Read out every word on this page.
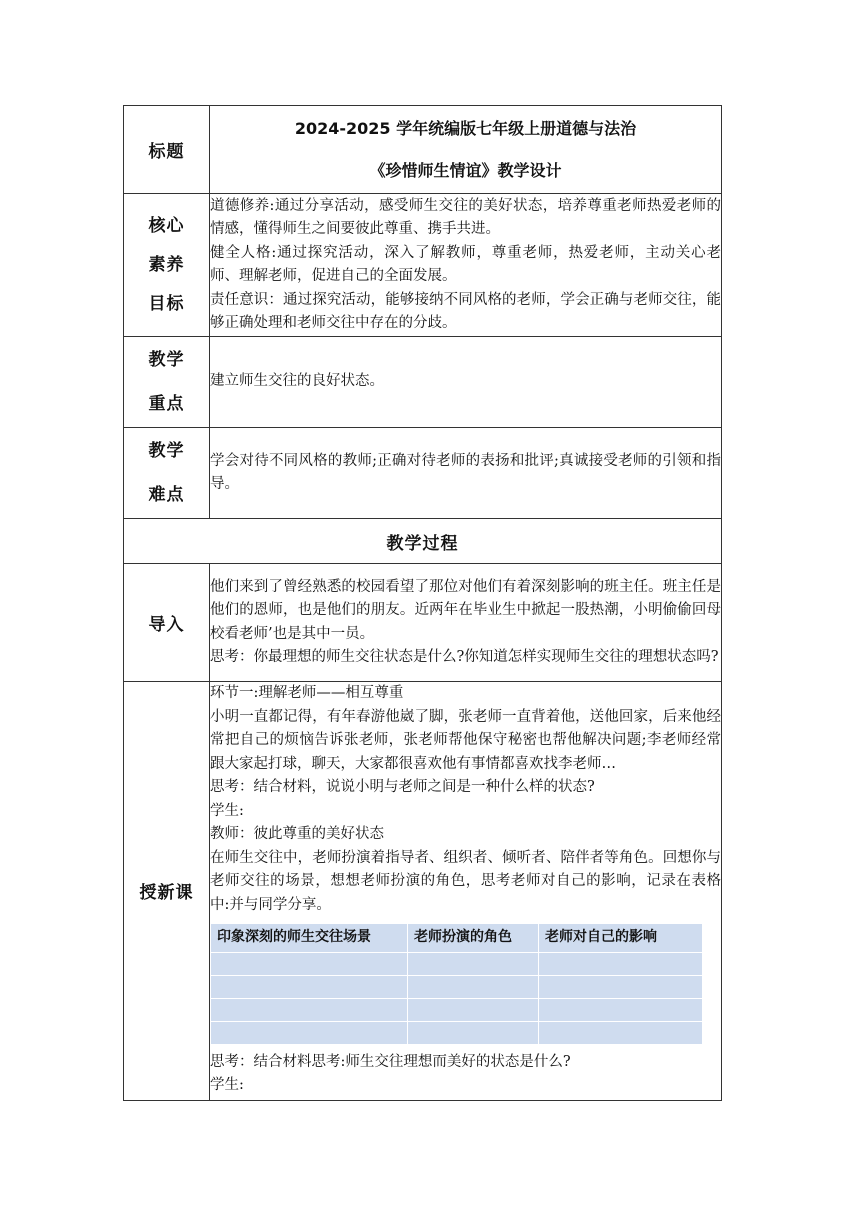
标题	
2024-2025 学年统编版七年级上册道德与法治
《珍惜师生情谊》教学设计

核心
素养
目标

道德修养:通过分享活动，感受师生交往的美好状态，培养尊重老师热爱老师的情感，懂得师生之间要彼此尊重、携手共进。

健全人格:通过探究活动，深入了解教师，尊重老师，热爱老师，主动关心老师、理解老师，促进自己的全面发展。

责任意识：通过探究活动，能够接纳不同风格的老师，学会正确与老师交往，能够正确处理和老师交往中存在的分歧。

教学
重点
	建立师生交往的良好状态。

教学
难点
	学会对待不同风格的教师;正确对待老师的表扬和批评;真诚接受老师的引领和指导。
教学过程
导入	

他们来到了曾经熟悉的校园看望了那位对他们有着深刻影响的班主任。班主任是他们的恩师，也是他们的朋友。近两年在毕业生中掀起一股热潮，小明偷偷回母校看老师’也是其中一员。

思考：你最理想的师生交往状态是什么?你知道怎样实现师生交往的理想状态吗?

授新课	

环节一:理解老师——相互尊重

小明一直都记得，有年春游他崴了脚，张老师一直背着他，送他回家，后来他经常把自己的烦恼告诉张老师，张老师帮他保守秘密也帮他解决问题;李老师经常跟大家起打球，聊天，大家都很喜欢他有事情都喜欢找李老师…

思考：结合材料，说说小明与老师之间是一种什么样的状态?

学生:

教师：彼此尊重的美好状态

在师生交往中，老师扮演着指导者、组织者、倾听者、陪伴者等角色。回想你与老师交往的场景，想想老师扮演的角色，思考老师对自己的影响，记录在表格中:并与同学分享。

印象深刻的师生交往场景	老师扮演的角色	老师对自己的影响

思考：结合材料思考:师生交往理想而美好的状态是什么?

学生:
